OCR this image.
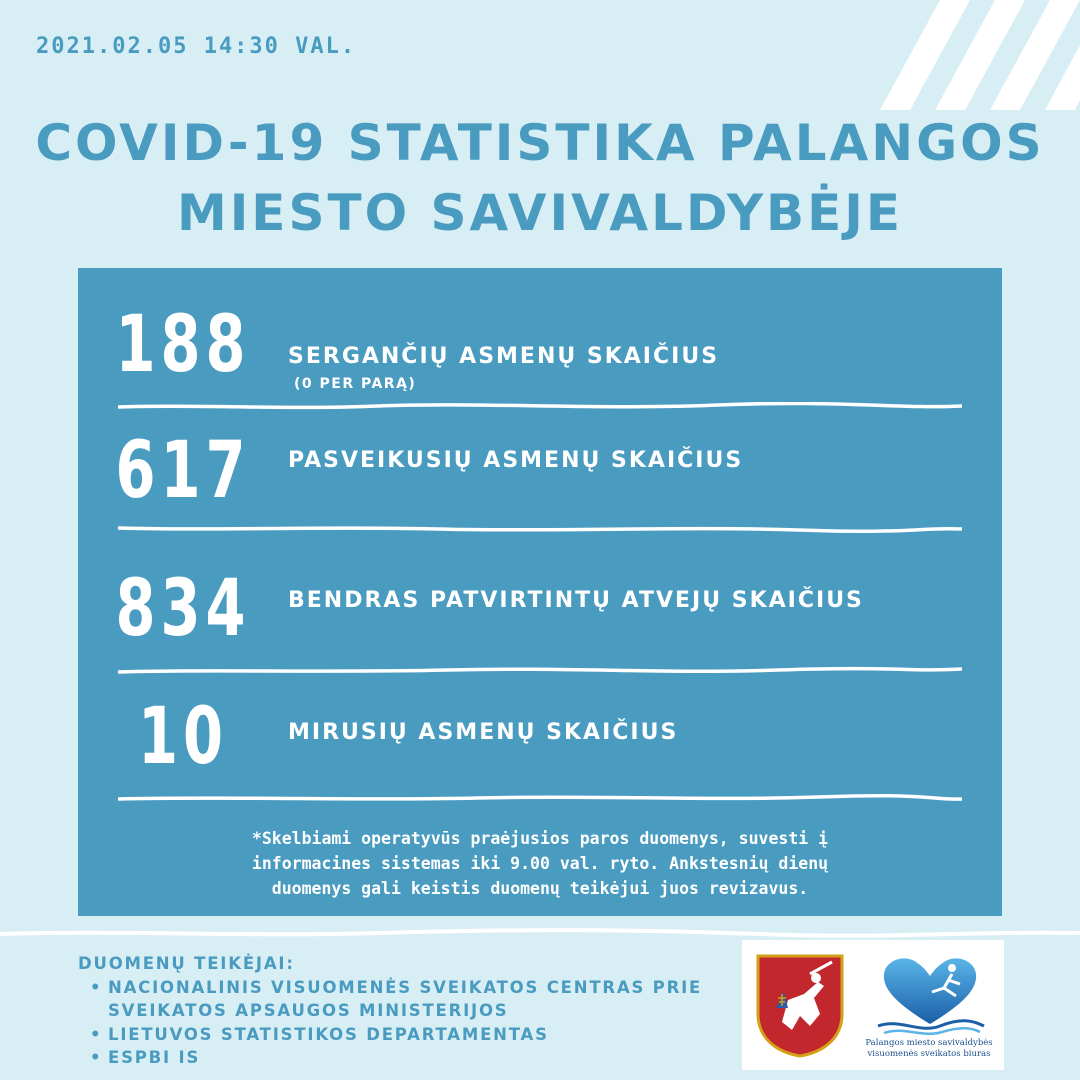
2021.02.05 14:30 VAL.
COVID-19 STATISTIKA PALANGOS
MIESTO SAVIVALDYBĖJE
188	SERGANČIŲ ASMENŲ SKAIČIUS
(0 PER PARĄ)
617	PASVEIKUSIŲ ASMENŲ SKAIČIUS
834	BENDRAS PATVIRTINTŲ ATVEJŲ SKAIČIUS
10	MIRUSIŲ ASMENŲ SKAIČIUS
*Skelbiami operatyvūs praėjusios paros duomenys, suvesti į
informacines sistemas iki 9.00 val. ryto. Ankstesnių dienų
duomenys gali keistis duomenų teikėjui juos revizavus.
DUOMENŲ TEIKĖJAI:
• NACIONALINIS VISUOMENĖS SVEIKATOS CENTRAS PRIE SVEIKATOS APSAUGOS MINISTERIJOS
• LIETUVOS STATISTIKOS DEPARTAMENTAS
• ESPBI IS
Palangos miesto savivaldybės
visuomenės sveikatos biuras
